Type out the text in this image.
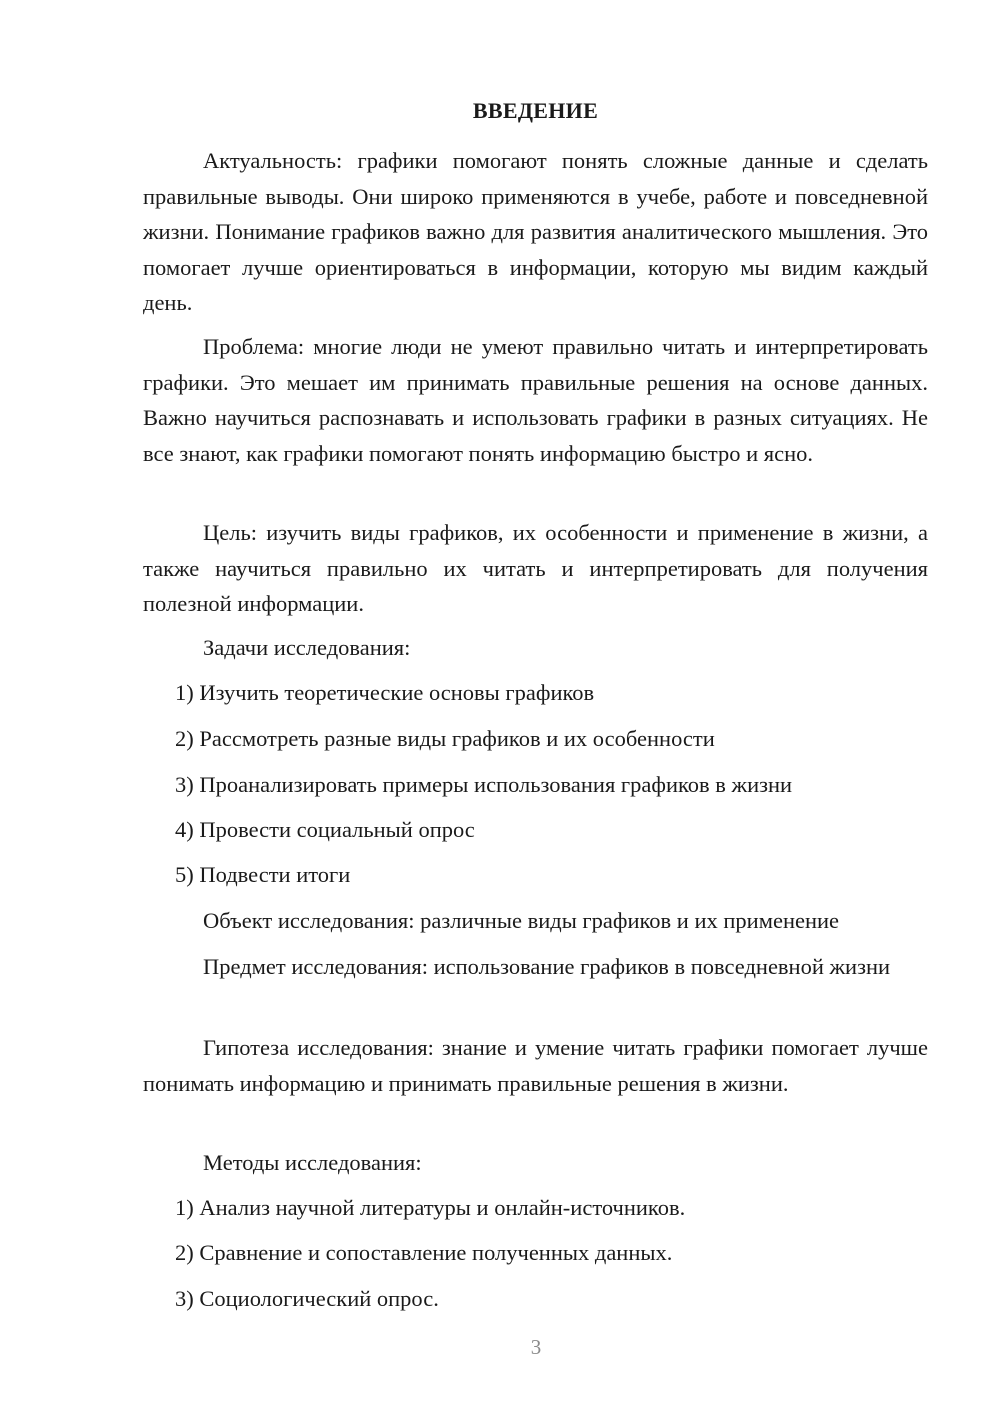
ВВЕДЕНИЕ

Актуальность: графики помогают понять сложные данные и сделать правильные выводы. Они широко применяются в учебе, работе и повседневной жизни. Понимание графиков важно для развития аналитического мышления. Это помогает лучше ориентироваться в информации, которую мы видим каждый день.

Проблема: многие люди не умеют правильно читать и интерпретировать графики. Это мешает им принимать правильные решения на основе данных. Важно научиться распознавать и использовать графики в разных ситуациях. Не все знают, как графики помогают понять информацию быстро и ясно.

Цель: изучить виды графиков, их особенности и применение в жизни, а также научиться правильно их читать и интерпретировать для получения полезной информации.

Задачи исследования:
1) Изучить теоретические основы графиков
2) Рассмотреть разные виды графиков и их особенности
3) Проанализировать примеры использования графиков в жизни
4) Провести социальный опрос
5) Подвести итоги
Объект исследования: различные виды графиков и их применение

Предмет исследования: использование графиков в повседневной жизни

Гипотеза исследования: знание и умение читать графики помогает лучше понимать информацию и принимать правильные решения в жизни.

Методы исследования:
1) Анализ научной литературы и онлайн-источников.
2) Сравнение и сопоставление полученных данных.
3) Социологический опрос.
3
